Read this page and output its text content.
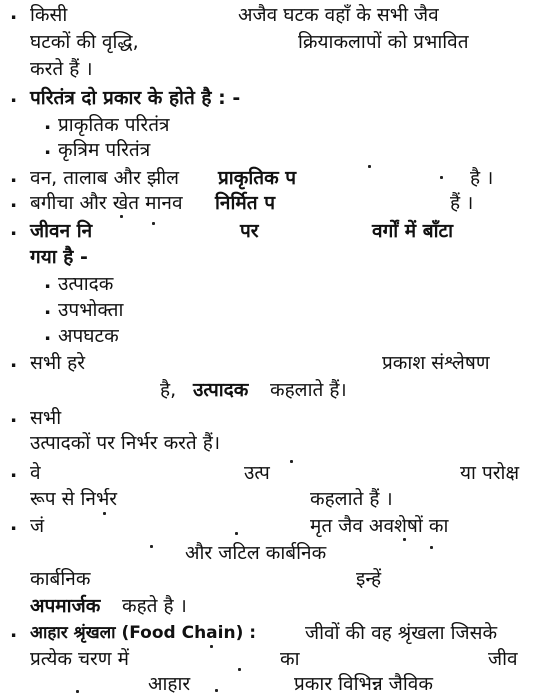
. किसी	अजैव घटक वहाँ के सभी जैव
घटकों की वृद्धि,	क्रियाकलापों को प्रभावित
करते हैं ।
. परितंत्र दो प्रकार के होते है : -
. प्राकृतिक परितंत्र
. कृत्रिम परितंत्र
. वन, तालाब और झील प्राकृतिक प	है ।
. बगीचा और खेत मानव निर्मित प	हैं ।
. जीवन नि	पर	वर्गों में बाँटा
गया है -
. उत्पादक
. उपभोक्ता
. अपघटक
. सभी हरे	प्रकाश संश्लेषण
है, उत्पादक कहलाते हैं।
. सभी
उत्पादकों पर निर्भर करते हैं।
. वे	उत्प	या परोक्ष
रूप से निर्भर	कहलाते हैं ।
. जं	मृत जैव अवशेषों का
और जटिल कार्बनिक
कार्बनिक	इन्हें
अपमार्जक कहते है ।
. आहार श्रृंखला (Food Chain) :	जीवों की वह श्रृंखला जिसके
प्रत्येक चरण में	का	जीव
आहार	प्रकार विभिन्न जैविक
